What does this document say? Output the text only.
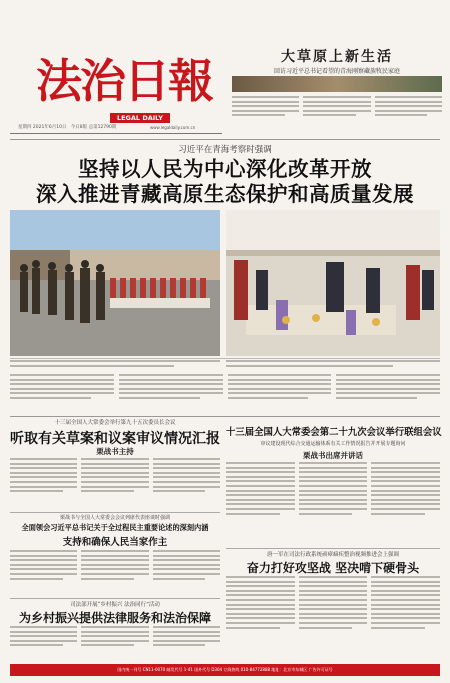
法治日報
LEGAL DAILY
星期四 2021年6月10日 今日8版 总第12790期	www.legaldaily.com.cn
大草原上新生活
回访习近平总书记看望的青海刚察藏族牧民家庭
习近平在青海考察时强调
坚持以人民为中心深化改革开放
深入推进青藏高原生态保护和高质量发展
十三届全国人大常委会举行第九十五次委员长会议
听取有关草案和议案审议情况汇报
栗战书主持
栗战书与全国人大常委会会议列席代表座谈时强调
全面领会习近平总书记关于全过程民主重要论述的深刻内涵
支持和确保人民当家作主
司法部开展“乡村振兴 法治同行”活动
为乡村振兴提供法律服务和法治保障
十三届全国人大常委会第二十九次会议举行联组会议
审议建设现代综合交通运输体系有关工作情况报告并开展专题询问
栗战书出席并讲话
唐一军在司法行政系统顽瘴痼疾整治视频推进会上强调
奋力打好攻坚战 坚决啃下硬骨头
国内统一刊号 CN11-0070 邮发代号 1-41 国外代号 D304 订阅热线 010-84772888 地址：北京市东城区 广告许可证号
